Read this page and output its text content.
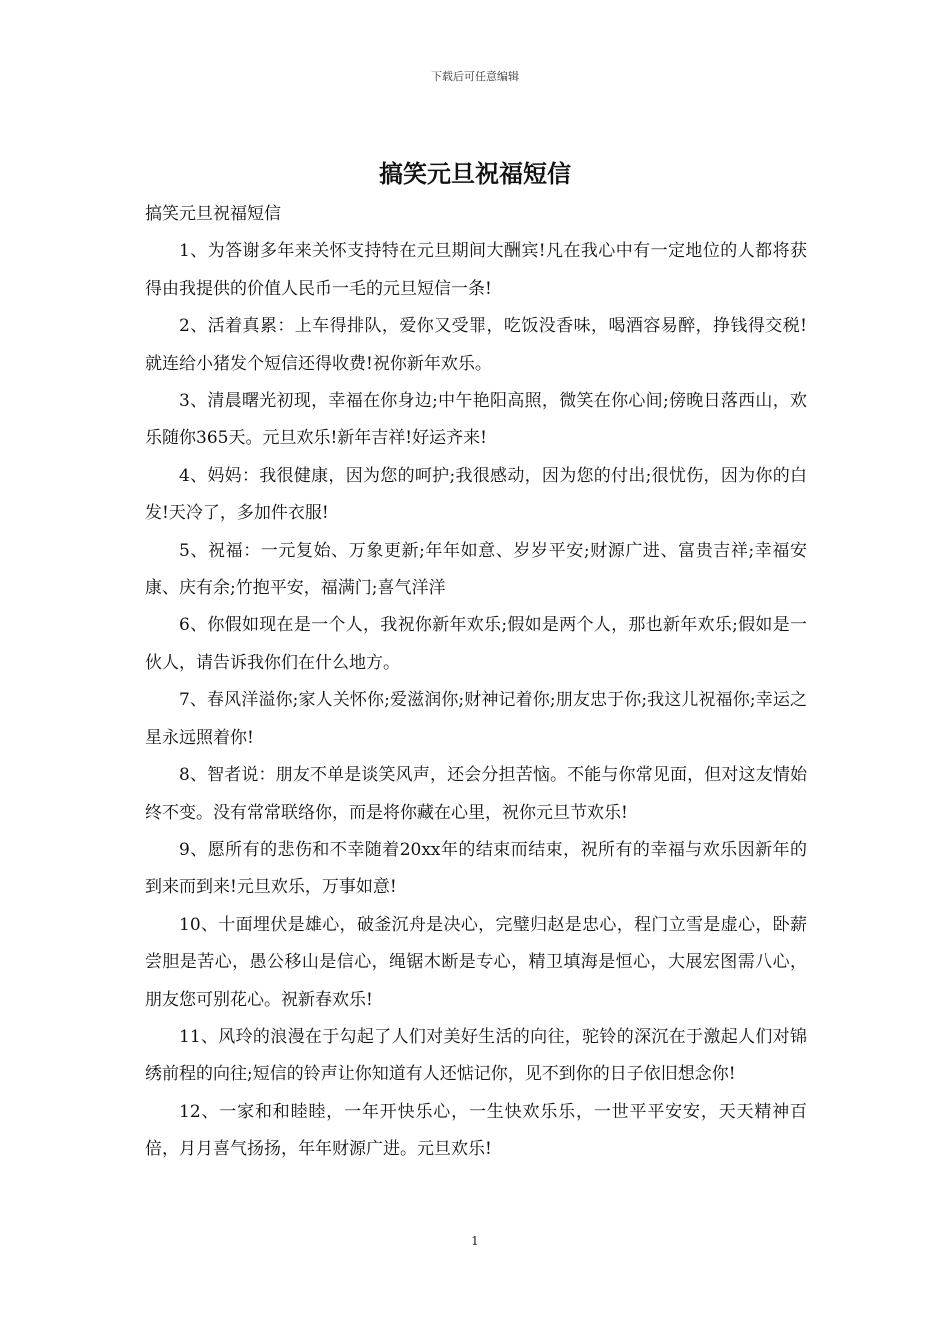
下载后可任意编辑
搞笑元旦祝福短信

搞笑元旦祝福短信

1、为答谢多年来关怀支持特在元旦期间大酬宾!凡在我心中有一定地位的人都将获得由我提供的价值人民币一毛的元旦短信一条!

2、活着真累：上车得排队，爱你又受罪，吃饭没香味，喝酒容易醉，挣钱得交税!就连给小猪发个短信还得收费!祝你新年欢乐。

3、清晨曙光初现，幸福在你身边;中午艳阳高照，微笑在你心间;傍晚日落西山，欢乐随你365天。元旦欢乐!新年吉祥!好运齐来!

4、妈妈：我很健康，因为您的呵护;我很感动，因为您的付出;很忧伤，因为你的白发!天冷了，多加件衣服!

5、祝福：一元复始、万象更新;年年如意、岁岁平安;财源广进、富贵吉祥;幸福安康、庆有余;竹抱平安，福满门;喜气洋洋

6、你假如现在是一个人，我祝你新年欢乐;假如是两个人，那也新年欢乐;假如是一伙人，请告诉我你们在什么地方。

7、春风洋溢你;家人关怀你;爱滋润你;财神记着你;朋友忠于你;我这儿祝福你;幸运之星永远照着你!

8、智者说：朋友不单是谈笑风声，还会分担苦恼。不能与你常见面，但对这友情始终不变。没有常常联络你，而是将你藏在心里，祝你元旦节欢乐!

9、愿所有的悲伤和不幸随着20xx年的结束而结束，祝所有的幸福与欢乐因新年的到来而到来!元旦欢乐，万事如意!

10、十面埋伏是雄心，破釜沉舟是决心，完璧归赵是忠心，程门立雪是虚心，卧薪尝胆是苦心，愚公移山是信心，绳锯木断是专心，精卫填海是恒心，大展宏图需八心，朋友您可别花心。祝新春欢乐!

11、风玲的浪漫在于勾起了人们对美好生活的向往，驼铃的深沉在于激起人们对锦绣前程的向往;短信的铃声让你知道有人还惦记你，见不到你的日子依旧想念你!

12、一家和和睦睦，一年开快乐心，一生快欢乐乐，一世平平安安，天天精神百倍，月月喜气扬扬，年年财源广进。元旦欢乐!

1
